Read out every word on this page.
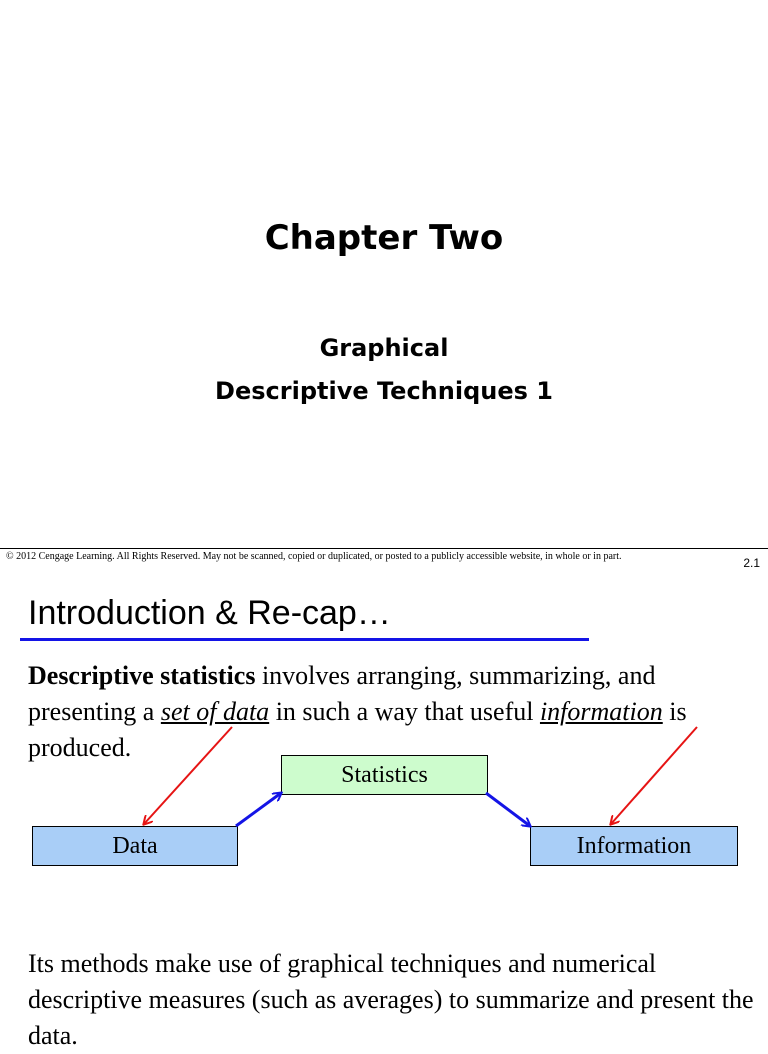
Chapter Two
Graphical
Descriptive Techniques 1
© 2012 Cengage Learning. All Rights Reserved. May not be scanned, copied or duplicated, or posted to a publicly accessible website, in whole or in part.	2.1
Introduction & Re-cap…
Descriptive statistics involves arranging, summarizing, and presenting a set of data in such a way that useful information is produced.
Data
Statistics
Information
Its methods make use of graphical techniques and numerical descriptive measures (such as averages) to summarize and present the data.
